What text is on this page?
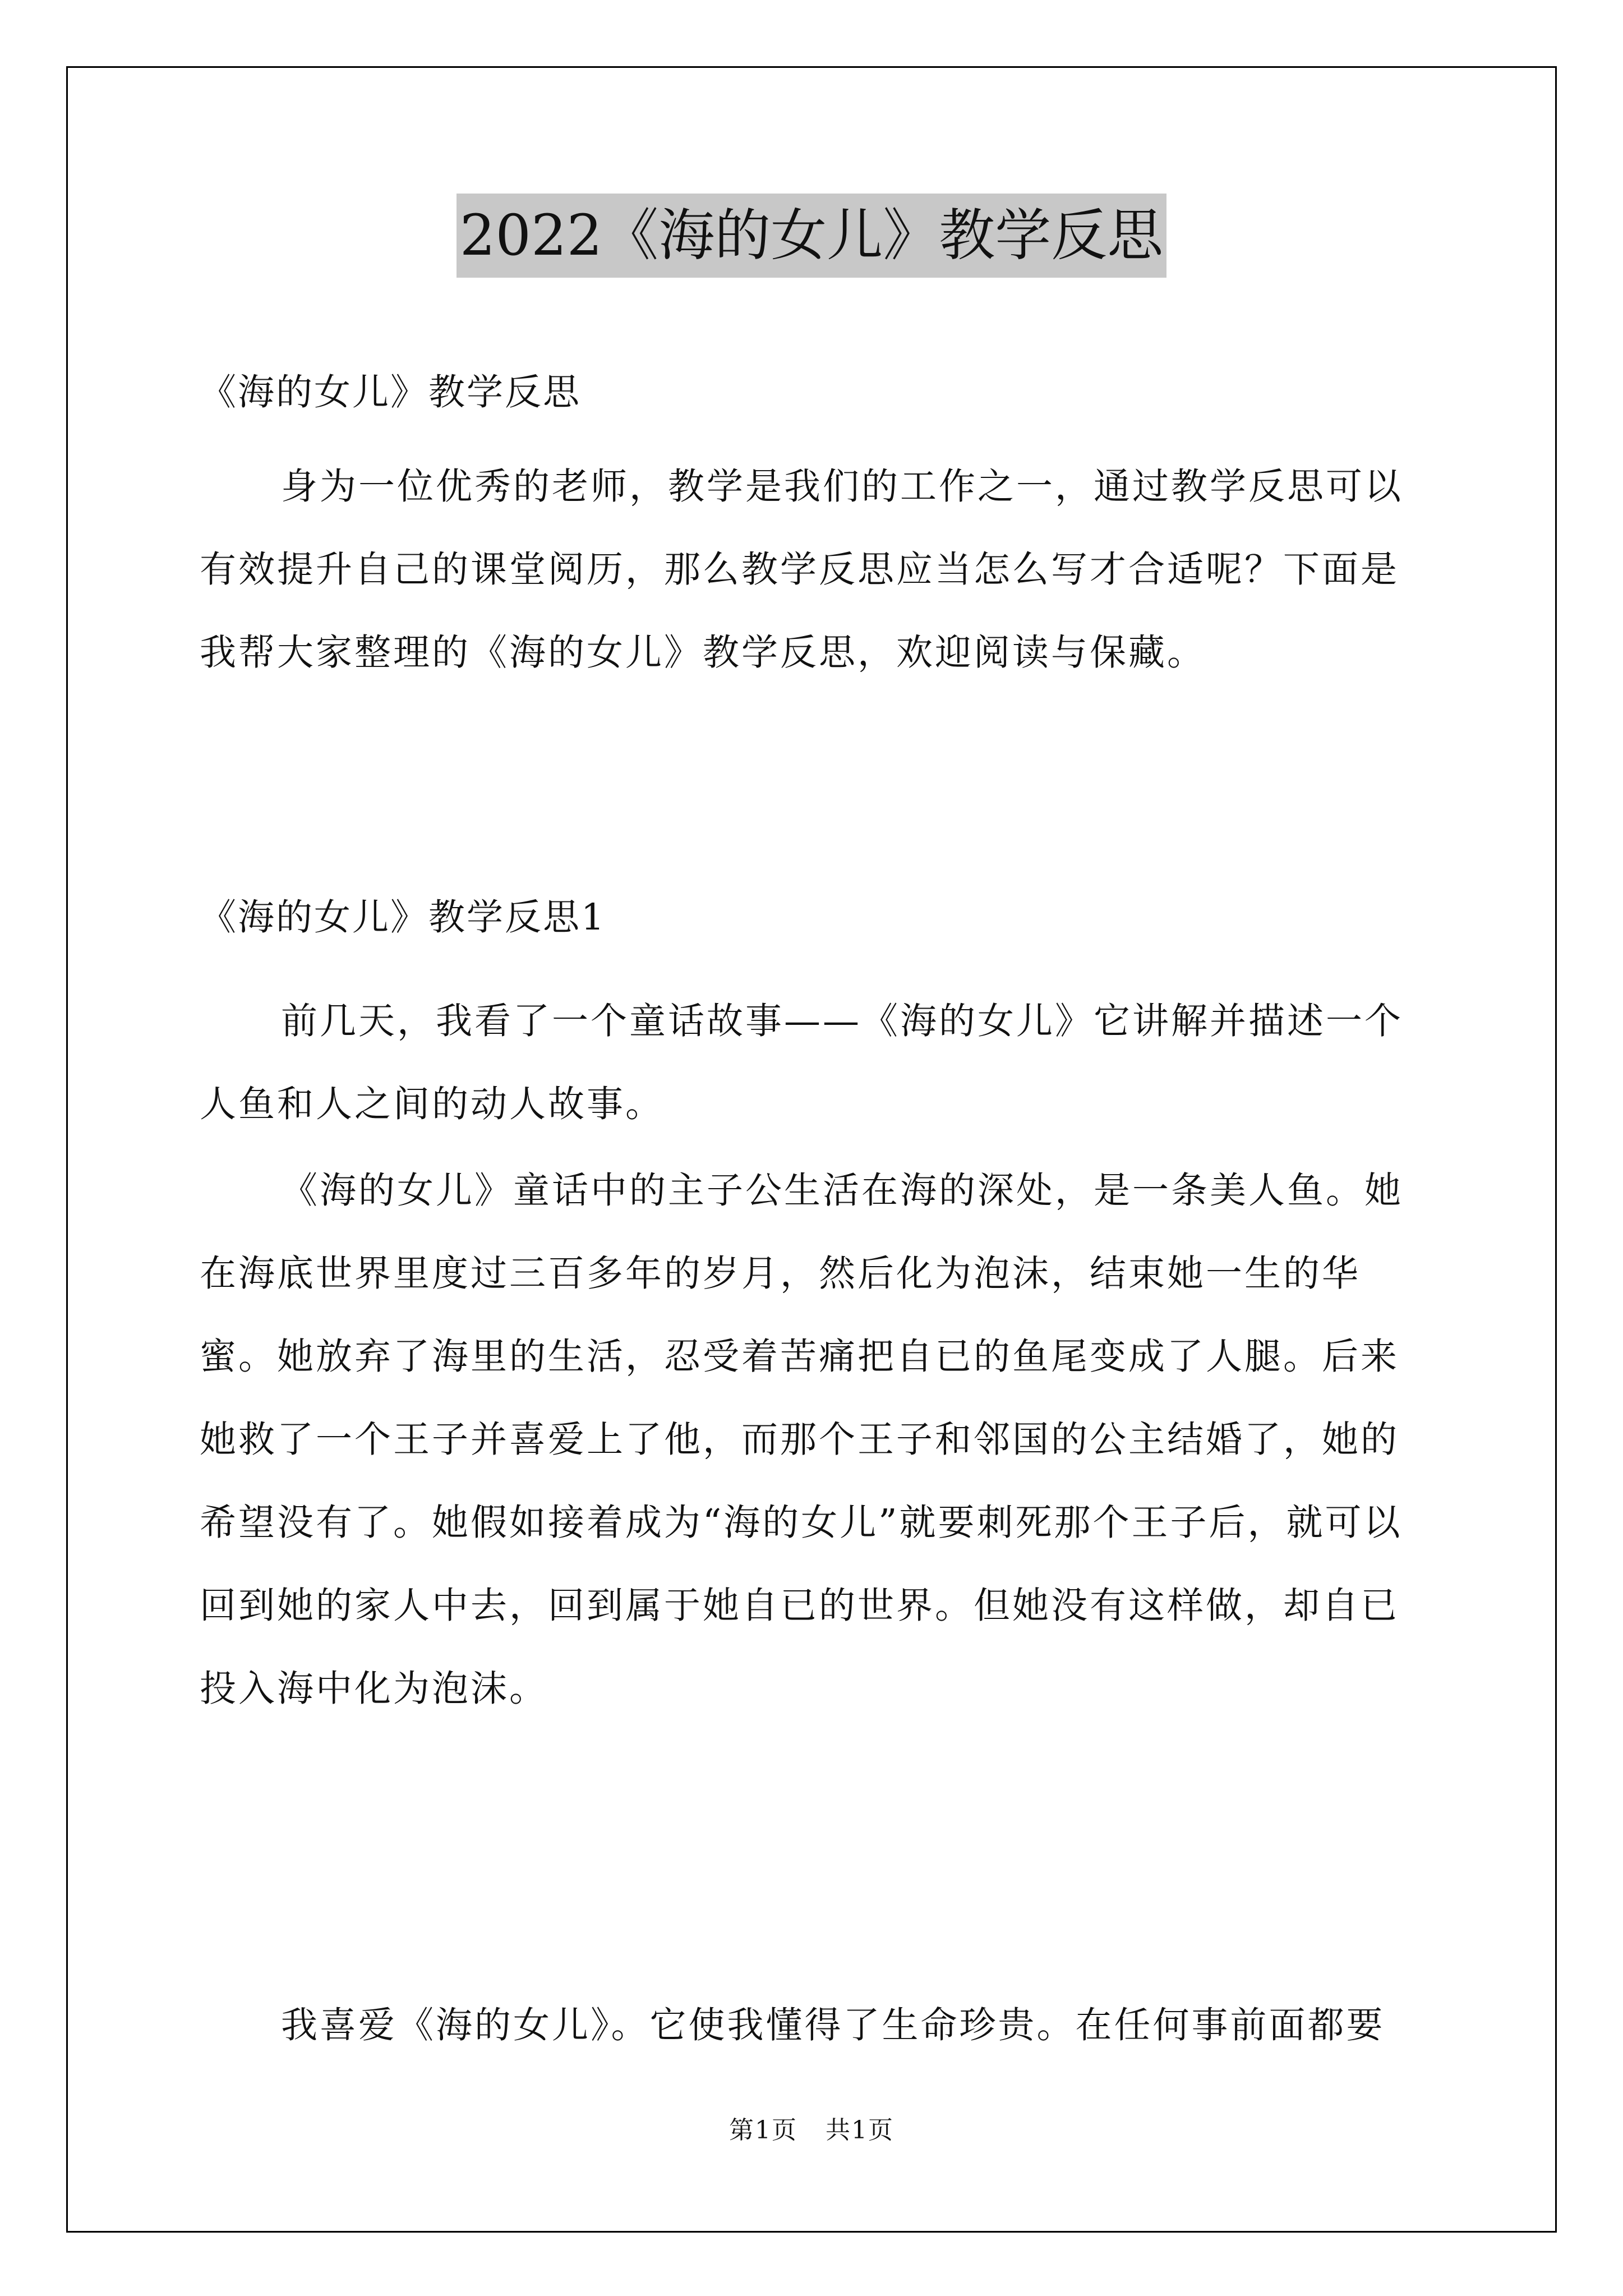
2022《海的女儿》教学反思

《海的女儿》教学反思

身为一位优秀的老师，教学是我们的工作之一，通过教学反思可以有效提升自己的课堂阅历，那么教学反思应当怎么写才合适呢？下面是我帮大家整理的《海的女儿》教学反思，欢迎阅读与保藏。

《海的女儿》教学反思1

前几天，我看了一个童话故事——《海的女儿》它讲解并描述一个人鱼和人之间的动人故事。

《海的女儿》童话中的主子公生活在海的深处，是一条美人鱼。她在海底世界里度过三百多年的岁月，然后化为泡沫，结束她一生的华蜜。她放弃了海里的生活，忍受着苦痛把自已的鱼尾变成了人腿。后来她救了一个王子并喜爱上了他，而那个王子和邻国的公主结婚了，她的希望没有了。她假如接着成为“海的女儿”就要刺死那个王子后，就可以回到她的家人中去，回到属于她自已的世界。但她没有这样做，却自已投入海中化为泡沫。

我喜爱《海的女儿》。它使我懂得了生命珍贵。在任何事前面都要

第1页 共1页
